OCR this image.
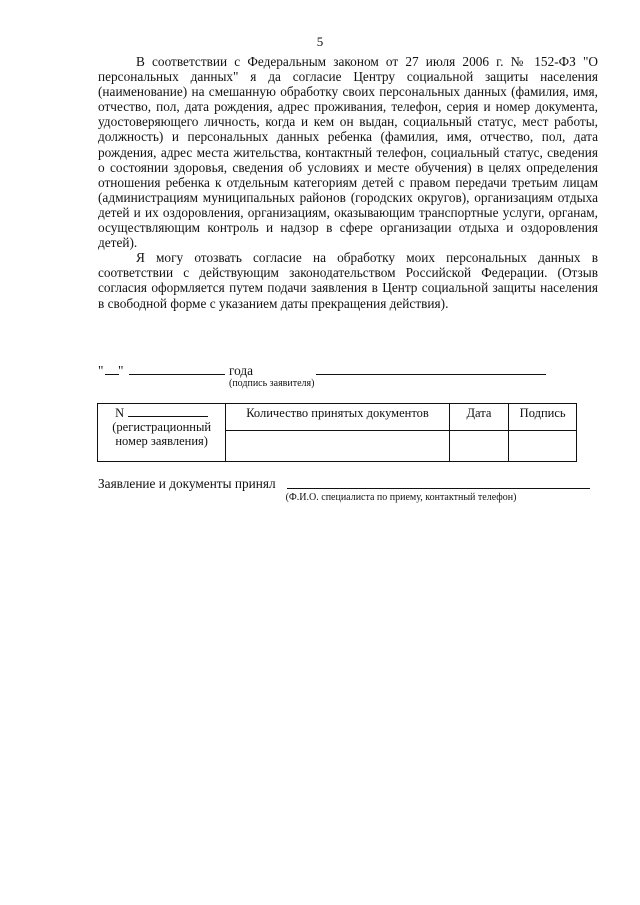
5

В соответствии с Федеральным законом от 27 июля 2006 г. № 152-ФЗ "О персональных данных" я да согласие Центру социальной защиты населения (наименование) на смешанную обработку своих персональных данных (фамилия, имя, отчество, пол, дата рождения, адрес проживания, телефон, серия и номер документа, удостоверяющего личность, когда и кем он выдан, социальный статус, мест работы, должность) и персональных данных ребенка (фамилия, имя, отчество, пол, дата рождения, адрес места жительства, контактный телефон, социальный статус, сведения о состоянии здоровья, сведения об условиях и месте обучения) в целях определения отношения ребенка к отдельным категориям детей с правом передачи третьим лицам (администрациям муниципальных районов (городских округов), организациям отдыха детей и их оздоровления, организациям, оказывающим транспортные услуги, органам, осуществляющим контроль и надзор в сфере организации отдыха и оздоровления детей).

Я могу отозвать согласие на обработку моих персональных данных в соответствии с действующим законодательством Российской Федерации. (Отзыв согласия оформляется путем подачи заявления в Центр социальной защиты населения в свободной форме с указанием даты прекращения действия).

" "	года
(подпись заявителя)
N
(регистрационный номер заявления)	Количество принятых документов	Дата	Подпись

Заявление и документы принял
(Ф.И.О. специалиста по приему, контактный телефон)
